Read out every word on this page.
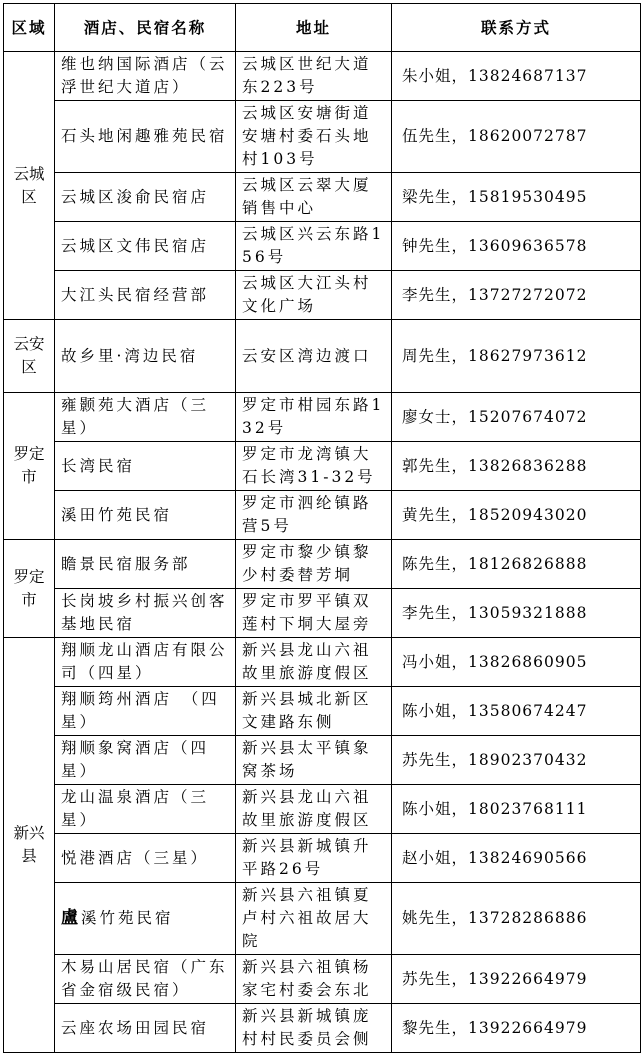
区域	酒店、民宿名称	地址	联系方式
云城区	维也纳国际酒店（云浮世纪大道店）	云城区世纪大道东223号	朱小姐，13824687137
	石头地闲趣雅苑民宿	云城区安塘街道安塘村委石头地村103号	伍先生，18620072787
	云城区浚俞民宿店	云城区云翠大厦销售中心	梁先生，15819530495
	云城区文伟民宿店	云城区兴云东路156号	钟先生，13609636578
	大江头民宿经营部	云城区大江头村文化广场	李先生，13727272072
云安区	故乡里·湾边民宿	云安区湾边渡口	周先生，18627973612
罗定市	雍颢苑大酒店（三星）	罗定市柑园东路132号	廖女士，15207674072
	长湾民宿	罗定市龙湾镇大石长湾31-32号	郭先生，13826836288
	溪田竹苑民宿	罗定市泗纶镇路营5号	黄先生，18520943020
罗定市	瞻景民宿服务部	罗定市黎少镇黎少村委替芳垌	陈先生，18126826888
	长岗坡乡村振兴创客基地民宿	罗定市罗平镇双莲村下垌大屋旁	李先生，13059321888
新兴县	翔顺龙山酒店有限公司（四星）	新兴县龙山六祖故里旅游度假区	冯小姐，13826860905
	翔顺筠州酒店　（四星）	新兴县城北新区文建路东侧	陈小姐，13580674247
	翔顺象窝酒店（四星）	新兴县太平镇象窝茶场	苏先生，18902370432
	龙山温泉酒店（三星）	新兴县龙山六祖故里旅游度假区	陈小姐，18023768111
	悦港酒店（三星）	新兴县新城镇升平路26号	赵小姐，13824690566
	盧溪竹苑民宿	新兴县六祖镇夏卢村六祖故居大院	姚先生，13728286886
	木易山居民宿（广东省金宿级民宿）	新兴县六祖镇杨家宅村委会东北	苏先生，13922664979
	云座农场田园民宿	新兴县新城镇庞村村民委员会侧	黎先生，13922664979
